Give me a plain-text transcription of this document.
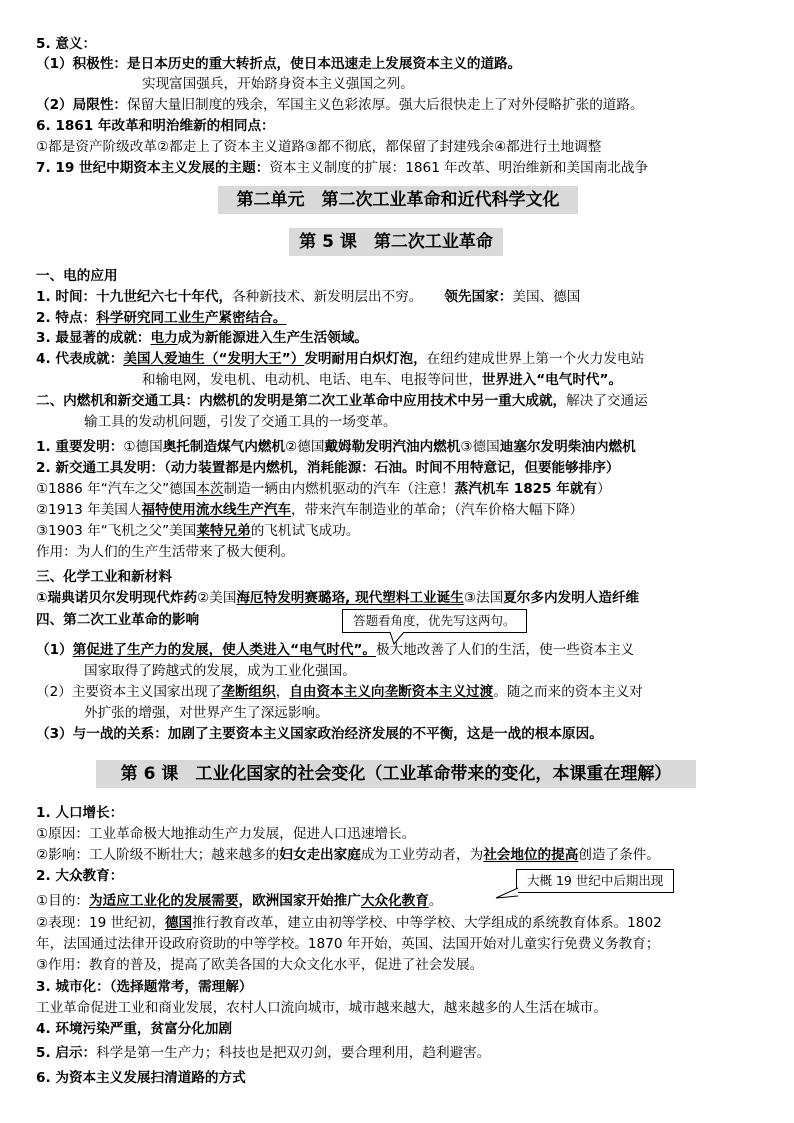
5. 意义：
（1）积极性：是日本历史的重大转折点，使日本迅速走上发展资本主义的道路。
实现富国强兵，开始跻身资本主义强国之列。
（2）局限性：保留大量旧制度的残余，军国主义色彩浓厚。强大后很快走上了对外侵略扩张的道路。
6. 1861 年改革和明治维新的相同点：
①都是资产阶级改革②都走上了资本主义道路③都不彻底，都保留了封建残余④都进行土地调整
7. 19 世纪中期资本主义发展的主题：资本主义制度的扩展：1861 年改革、明治维新和美国南北战争
第二单元　第二次工业革命和近代科学文化
第 5 课　第二次工业革命
一、电的应用
1. 时间：十九世纪六七十年代，各种新技术、新发明层出不穷。 领先国家：美国、德国
2. 特点：科学研究同工业生产紧密结合。
3. 最显著的成就：电力成为新能源进入生产生活领域。
4. 代表成就：美国人爱迪生（“发明大王”）发明耐用白炽灯泡，在纽约建成世界上第一个火力发电站
和输电网，发电机、电动机、电话、电车、电报等问世，世界进入“电气时代”。
二、内燃机和新交通工具：内燃机的发明是第二次工业革命中应用技术中另一重大成就，解决了交通运
输工具的发动机问题，引发了交通工具的一场变革。
1. 重要发明：①德国奥托制造煤气内燃机②德国戴姆勒发明汽油内燃机③德国迪塞尔发明柴油内燃机
2. 新交通工具发明：（动力装置都是内燃机，消耗能源：石油。时间不用特意记，但要能够排序）
①1886 年“汽车之父”德国本茨制造一辆由内燃机驱动的汽车（注意！蒸汽机车 1825 年就有）
②1913 年美国人福特使用流水线生产汽车，带来汽车制造业的革命；（汽车价格大幅下降）
③1903 年“飞机之父”美国莱特兄弟的飞机试飞成功。
作用：为人们的生产生活带来了极大便利。
三、化学工业和新材料
①瑞典诺贝尔发明现代炸药②美国海厄特发明赛璐珞, 现代塑料工业诞生③法国夏尔多内发明人造纤维
四、第二次工业革命的影响	答题看角度，优先写这两句。
（1）第促进了生产力的发展，使人类进入“电气时代”。极大地改善了人们的生活，使一些资本主义
国家取得了跨越式的发展，成为工业化强国。
（2）主要资本主义国家出现了垄断组织，自由资本主义向垄断资本主义过渡。随之而来的资本主义对
外扩张的增强，对世界产生了深远影响。
（3）与一战的关系：加剧了主要资本主义国家政治经济发展的不平衡，这是一战的根本原因。
第 6 课　工业化国家的社会变化（工业革命带来的变化，本课重在理解）
1. 人口增长：
①原因：工业革命极大地推动生产力发展，促进人口迅速增长。
②影响：工人阶级不断壮大；越来越多的妇女走出家庭成为工业劳动者，为社会地位的提高创造了条件。
2. 大众教育：	大概 19 世纪中后期出现
①目的：为适应工业化的发展需要，欧洲国家开始推广大众化教育。
②表现：19 世纪初，德国推行教育改革，建立由初等学校、中等学校、大学组成的系统教育体系。1802
年，法国通过法律开设政府资助的中等学校。1870 年开始，英国、法国开始对儿童实行免费义务教育；
③作用：教育的普及，提高了欧美各国的大众文化水平，促进了社会发展。
3. 城市化：（选择题常考，需理解）
工业革命促进工业和商业发展，农村人口流向城市，城市越来越大，越来越多的人生活在城市。
4. 环境污染严重，贫富分化加剧
5. 启示：科学是第一生产力；科技也是把双刃剑，要合理利用，趋利避害。
6. 为资本主义发展扫清道路的方式
